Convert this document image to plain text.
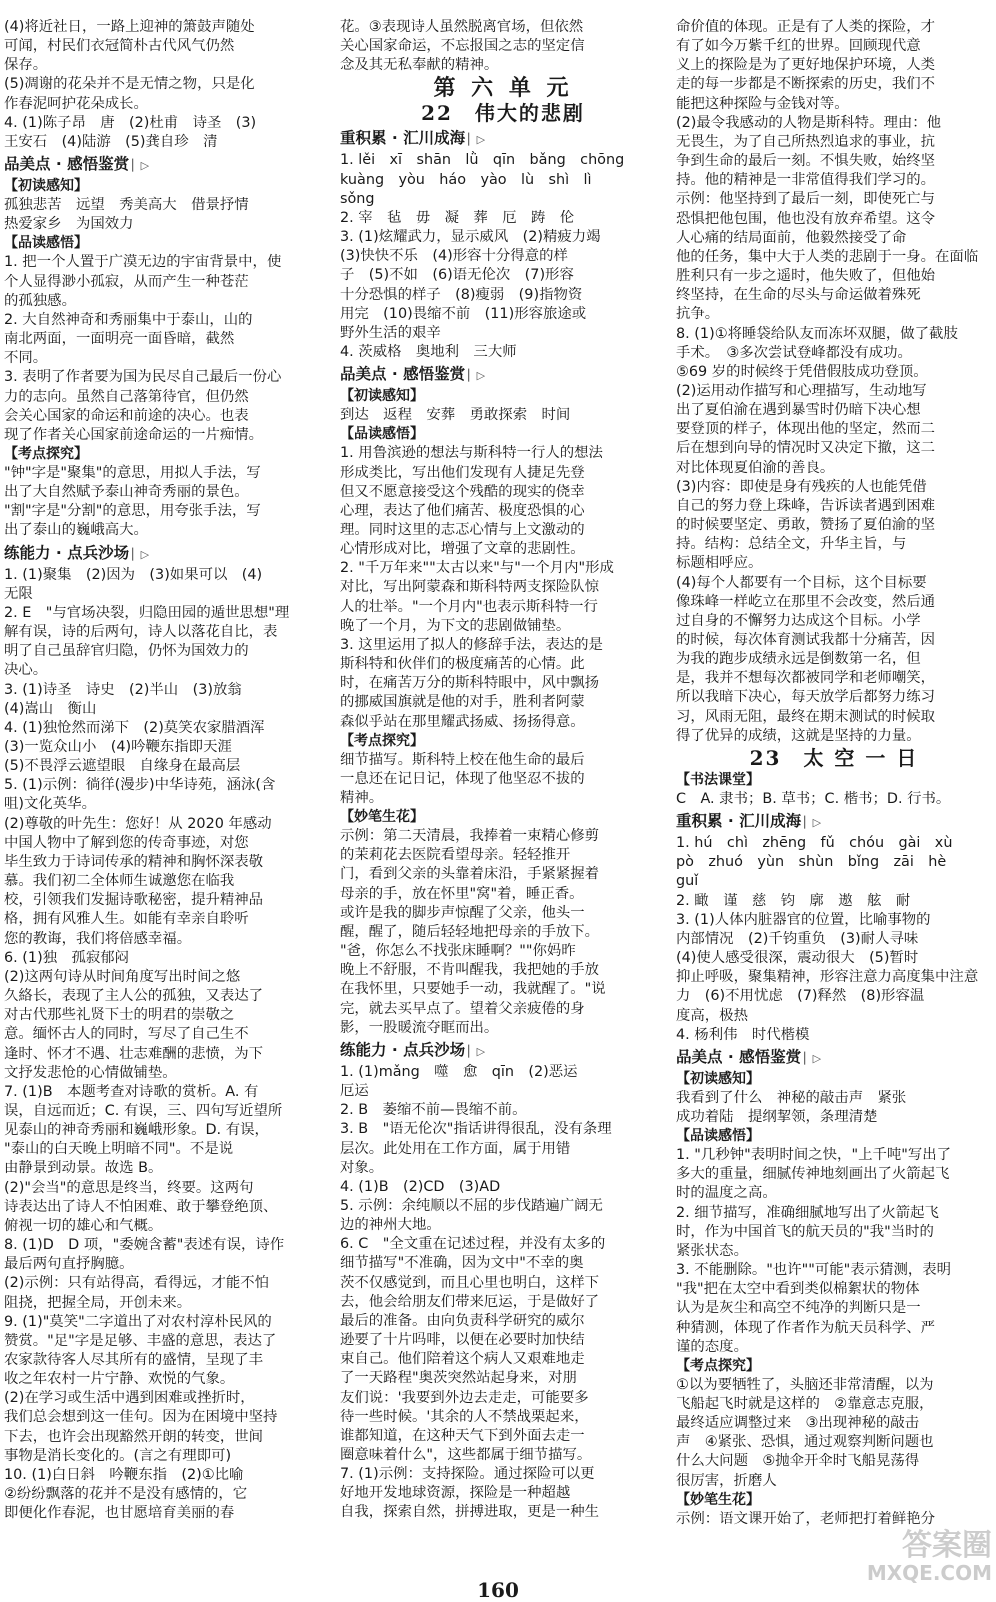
(4)将近社日，一路上迎神的箫鼓声随处
可闻，村民们衣冠简朴古代风气仍然
保存。
(5)凋谢的花朵并不是无情之物，只是化
作春泥呵护花朵成长。
4. (1)陈子昂　唐　(2)杜甫　诗圣　(3)
王安石　(4)陆游　(5)龚自珍　清
品美点 · 感悟鉴赏 ▏▷
【初读感知】
孤独悲苦　远望　秀美高大　借景抒情
热爱家乡　为国效力
【品读感悟】
1. 把一个人置于广漠无边的宇宙背景中，使
个人显得渺小孤寂，从而产生一种苍茫
的孤独感。
2. 大自然神奇和秀丽集中于泰山，山的
南北两面，一面明亮一面昏暗，截然
不同。
3. 表明了作者要为国为民尽自己最后一份心
力的志向。虽然自己落第待官，但仍然
会关心国家的命运和前途的决心。也表
现了作者关心国家前途命运的一片痴情。
【考点探究】
"钟"字是"聚集"的意思，用拟人手法，写
出了大自然赋予泰山神奇秀丽的景色。
"割"字是"分割"的意思，用夸张手法，写
出了泰山的巍峨高大。
练能力 · 点兵沙场 ▏▷
1. (1)聚集　(2)因为　(3)如果可以　(4)
无限
2. E　"与官场决裂，归隐田园的遁世思想"理
解有误，诗的后两句，诗人以落花自比，表
明了自己虽辞官归隐，仍怀为国效力的
决心。
3. (1)诗圣　诗史　(2)半山　(3)放翁
(4)嵩山　衡山
4. (1)独怆然而涕下　(2)莫笑农家腊酒浑
(3)一览众山小　(4)吟鞭东指即天涯
(5)不畏浮云遮望眼　自缘身在最高层
5. (1)示例：徜徉(漫步)中华诗苑，涵泳(含
咀)文化英华。
(2)尊敬的叶先生：您好！从 2020 年感动
中国人物中了解到您的传奇事迹，对您
毕生致力于诗词传承的精神和胸怀深表敬
慕。我们初二全体师生诚邀您在临我
校，引领我们发掘诗歌秘密，提升精神品
格，拥有风雅人生。如能有幸亲自聆听
您的教诲，我们将倍感幸福。
6. (1)独　孤寂郁闷
(2)这两句诗从时间角度写出时间之悠
久絡长，表现了主人公的孤独，又表达了
对古代那些礼贤下士的明君的崇敬之
意。缅怀古人的同时，写尽了自己生不
逢时、怀才不遇、壮志难酬的悲愤，为下
文抒发悲怆的心情做铺垫。
7. (1)B　本题考查对诗歌的赏析。A. 有
误，自远而近；C. 有误，三、四句写近望所
见泰山的神奇秀丽和巍峨形象。D. 有误，
"泰山的白天晚上明暗不同"。不是说
由静景到动景。故选 B。
(2)"会当"的意思是终当，终要。这两句
诗表达出了诗人不怕困难、敢于攀登绝顶、
俯视一切的雄心和气概。
8. (1)D　D 项，"委婉含蓄"表述有误，诗作
最后两句直抒胸臆。
(2)示例：只有站得高，看得远，才能不怕
阻挠，把握全局，开创未来。
9. (1)"莫笑"二字道出了对农村淳朴民风的
赞赏。"足"字是足够、丰盛的意思，表达了
农家款待客人尽其所有的盛情，呈现了丰
收之年农村一片宁静、欢悦的气象。
(2)在学习或生活中遇到困难或挫折时，
我们总会想到这一佳句。因为在困境中坚持
下去，也许会出现豁然开朗的转变，世间
事物是消长变化的。(言之有理即可)
10. (1)白日斜　吟鞭东指　(2)①比喻
②纷纷飘落的花并不是没有感情的，它
即便化作春泥，也甘愿培育美丽的春
花。③表现诗人虽然脱离官场，但依然
关心国家命运，不忘报国之志的坚定信
念及其无私奉献的精神。
第 六 单 元
22　伟大的悲剧
重积累 · 汇川成海 ▏▷
1. lěi　xī　shān　lǜ　qīn　bǎng　chōng
kuàng　yòu　háo　yào　lù　shì　lì
sǒng
2. 宰　毡　毋　凝　葬　厄　踌　伦
3. (1)炫耀武力，显示威风　(2)精疲力竭
(3)快快不乐　(4)形容十分得意的样
子　(5)不如　(6)语无伦次　(7)形容
十分恐惧的样子　(8)瘦弱　(9)指物资
用完　(10)畏缩不前　(11)形容旅途或
野外生活的艰辛
4. 茨威格　奥地利　三大师
品美点 · 感悟鉴赏 ▏▷
【初读感知】
到达　返程　安葬　勇敢探索　时间
【品读感悟】
1. 用鲁滨逊的想法与斯科特一行人的想法
形成类比，写出他们发现有人捷足先登
但又不愿意接受这个残酷的现实的侥幸
心理，表达了他们痛苦、极度恐惧的心
理。同时这里的志忑心情与上文激动的
心情形成对比，增强了文章的悲剧性。
2. "千万年来""太古以来"与"一个月内"形成
对比，写出阿蒙森和斯科特两支探险队惊
人的壮举。"一个月内"也表示斯科特一行
晚了一个月，为下文的悲剧做铺垫。
3. 这里运用了拟人的修辞手法，表达的是
斯科特和伙伴们的极度痛苦的心情。此
时，在痛苦万分的斯科特眼中，风中飘扬
的挪威国旗就是他的对手，胜利者阿蒙
森似乎站在那里耀武扬威、扬扬得意。
【考点探究】
细节描写。斯科特上校在他生命的最后
一息还在记日记，体现了他坚忍不拔的
精神。
【妙笔生花】
示例：第二天清晨，我捧着一束精心修剪
的茉莉花去医院看望母亲。轻轻推开
门，看到父亲的头靠着床沿，手紧紧握着
母亲的手，放在怀里"窝"着，睡正香。
或许是我的脚步声惊醒了父亲，他头一
醒，醒了，随后轻轻地把母亲的手放下。
"爸，你怎么不找张床睡啊？""你妈昨
晚上不舒服，不肯叫醒我，我把她的手放
在我怀里，只要她手一动，我就醒了。"说
完，就去买早点了。望着父亲疲倦的身
影，一股暖流夺眶而出。
练能力 · 点兵沙场 ▏▷
1. (1)mǎng　噬　愈　qīn　(2)恶运
厄运
2. B　萎缩不前—畏缩不前。
3. B　"语无伦次"指话讲得很乱，没有条理
层次。此处用在工作方面，属于用错
对象。
4. (1)B　(2)CD　(3)AD
5. 示例：余纯顺以不屈的步伐踏遍广阔无
边的神州大地。
6. C　"全文重在记述过程，并没有太多的
细节描写"不准确，因为文中"不幸的奥
茨不仅感觉到，而且心里也明白，这样下
去，他会给朋友们带来厄运，于是做好了
最后的准备。由向负责科学研究的威尔
逊要了十片吗啡，以便在必要时加快结
束自己。他们陪着这个病人又艰难地走
了一天路程"奥茨突然站起身来，对朋
友们说：'我要到外边去走走，可能要多
待一些时候。'其余的人不禁战栗起来，
谁都知道，在这种天气下到外面去走一
圈意味着什么"，这些都属于细节描写。
7. (1)示例：支持探险。通过探险可以更
好地开发地球资源，探险是一种超越
自我，探索自然，拼搏进取，更是一种生
命价值的体现。正是有了人类的探险，才
有了如今万紫千红的世界。回顾现代意
义上的探险是为了更好地保护环境，人类
走的每一步都是不断探索的历史，我们不
能把这种探险与金钱对等。
(2)最令我感动的人物是斯科特。理由：他
无畏生，为了自己所热烈追求的事业，抗
争到生命的最后一刻。不惧失败，始终坚
持。他的精神是一非常值得我们学习的。
示例：他坚持到了最后一刻，即使死亡与
恐惧把他包围，他也没有放弃希望。这令
人心痛的结局面前，他毅然接受了命
他的任务，集中大于人类的悲剧于一身。在面临
胜利只有一步之遥时，他失败了，但他始
终坚持，在生命的尽头与命运做着殊死
抗争。
8. (1)①将睡袋给队友而冻坏双腿，做了截肢
手术。　③多次尝试登峰都没有成功。
⑤69 岁的时候终于凭借假肢成功登顶。
(2)运用动作描写和心理描写，生动地写
出了夏伯渝在遇到暴雪时仍暗下决心想
要登顶的样子，体现出他的坚定，然而二
后在想到向导的情况时又决定下撤，这二
对比体现夏伯渝的善良。
(3)内容：即使是身有残疾的人也能凭借
自己的努力登上珠峰，告诉读者遇到困难
的时候要坚定、勇敢，赞扬了夏伯渝的坚
持。结构：总结全文，升华主旨，与
标题相呼应。
(4)每个人都要有一个目标，这个目标要
像珠峰一样屹立在那里不会改变，然后通
过自身的不懈努力达成这个目标。小学
的时候，每次体育测试我都十分痛苦，因
为我的跑步成绩永远是倒数第一名，但
是，我并不想每次都被同学和老师嘲笑，
所以我暗下决心，每天放学后都努力练习
习，风雨无阻，最终在期末测试的时候取
得了优异的成绩，这就是坚持的力量。
23　太 空 一 日
【书法课堂】
C　A. 隶书；B. 草书；C. 楷书；D. 行书。
重积累 · 汇川成海 ▏▷
1. hú　chì　zhēng　fǔ　chóu　gài　xù
pò　zhuó　yùn　shùn　bǐng　zāi　hè
guǐ
2. 瞰　谨　慈　钧　廓　遨　舷　耐
3. (1)人体内脏器官的位置，比喻事物的
内部情况　(2)千钧重负　(3)耐人寻味
(4)使人感受很深，震动很大　(5)暂时
抑止呼吸，聚集精神，形容注意力高度集中注意
力　(6)不用忧虑　(7)释然　(8)形容温
度高，极热
4. 杨利伟　时代楷模
品美点 · 感悟鉴赏 ▏▷
【初读感知】
我看到了什么　神秘的敲击声　紧张
成功着陆　提纲挈领，条理清楚
【品读感悟】
1. "几秒钟"表明时间之快，"上千吨"写出了
多大的重量，细腻传神地刻画出了火箭起飞
时的温度之高。
2. 细节描写，准确细腻地写出了火箭起飞
时，作为中国首飞的航天员的"我"当时的
紧张状态。
3. 不能删除。"也许""可能"表示猜测，表明
"我"把在太空中看到类似棉絮状的物体
认为是灰尘和高空不纯净的判断只是一
种猜测，体现了作者作为航天员科学、严
谨的态度。
【考点探究】
①以为要牺牲了，头脑还非常清醒，以为
飞船起飞时就是这样的　②靠意志克服，
最终适应调整过来　③出现神秘的敲击
声　④紧张、恐惧，通过观察判断问题也
什么大问题　⑤抛伞开伞时飞船晃荡得
很厉害，折磨人
【妙笔生花】
示例：语文课开始了，老师把打着鲜艳分
答案圈
MXQE.COM
160
